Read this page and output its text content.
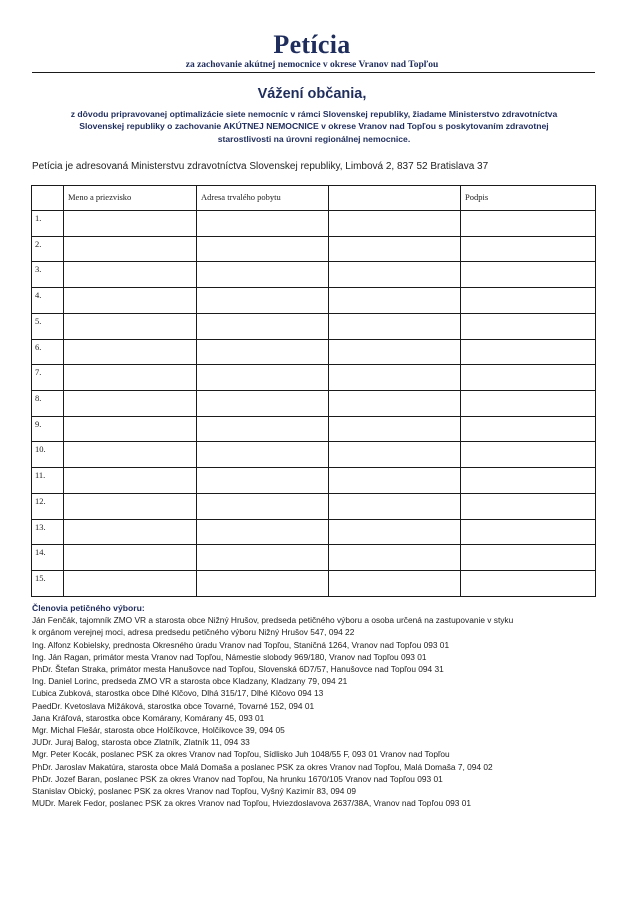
Petícia
za zachovanie akútnej nemocnice v okrese Vranov nad Topľou
Vážení občania,
z dôvodu pripravovanej optimalizácie siete nemocníc v rámci Slovenskej republiky, žiadame Ministerstvo zdravotníctva
Slovenskej republiky o zachovanie AKÚTNEJ NEMOCNICE v okrese Vranov nad Topľou s poskytovaním zdravotnej
starostlivosti na úrovni regionálnej nemocnice.
Petícia je adresovaná Ministerstvu zdravotníctva Slovenskej republiky, Limbová 2, 837 52 Bratislava 37
	Meno a priezvisko	Adresa trvalého pobytu		Podpis
1.				
2.				
3.				
4.				
5.				
6.				
7.				
8.				
9.				
10.				
11.				
12.				
13.				
14.				
15.				

Členovia petičného výboru:

Ján Fenčák, tajomník ZMO VR a starosta obce Nižný Hrušov, predseda petičného výboru a osoba určená na zastupovanie v styku

k orgánom verejnej moci, adresa predsedu petičného výboru Nižný Hrušov 547, 094 22

Ing. Alfonz Kobielsky, prednosta Okresného úradu Vranov nad Topľou, Staničná 1264, Vranov nad Topľou 093 01

Ing. Ján Ragan, primátor mesta Vranov nad Topľou, Námestie slobody 969/180, Vranov nad Topľou 093 01

PhDr. Štefan Straka, primátor mesta Hanušovce nad Topľou, Slovenská 6D7/57, Hanušovce nad Topľou 094 31

Ing. Daniel Lorinc, predseda ZMO VR a starosta obce Kladzany, Kladzany 79, 094 21

Ľubica Zubková, starostka obce Dlhé Klčovo, Dlhá 315/17, Dlhé Klčovo 094 13

PaedDr. Kvetoslava Mižáková, starostka obce Tovarné, Tovarné 152, 094 01

Jana Kráľová, starostka obce Komárany, Komárany 45, 093 01

Mgr. Michal Flešár, starosta obce Holčíkovce, Holčíkovce 39, 094 05

JUDr. Juraj Balog, starosta obce Zlatník, Zlatník 11, 094 33

Mgr. Peter Kocák, poslanec PSK za okres Vranov nad Topľou, Sídlisko Juh 1048/55 F, 093 01 Vranov nad Topľou

PhDr. Jaroslav Makatúra, starosta obce Malá Domaša a poslanec PSK za okres Vranov nad Topľou, Malá Domaša 7, 094 02

PhDr. Jozef Baran, poslanec PSK za okres Vranov nad Topľou, Na hrunku 1670/105 Vranov nad Topľou 093 01

Stanislav Obický, poslanec PSK za okres Vranov nad Topľou, Vyšný Kazimír 83, 094 09

MUDr. Marek Fedor, poslanec PSK za okres Vranov nad Topľou, Hviezdoslavova 2637/38A, Vranov nad Topľou 093 01
